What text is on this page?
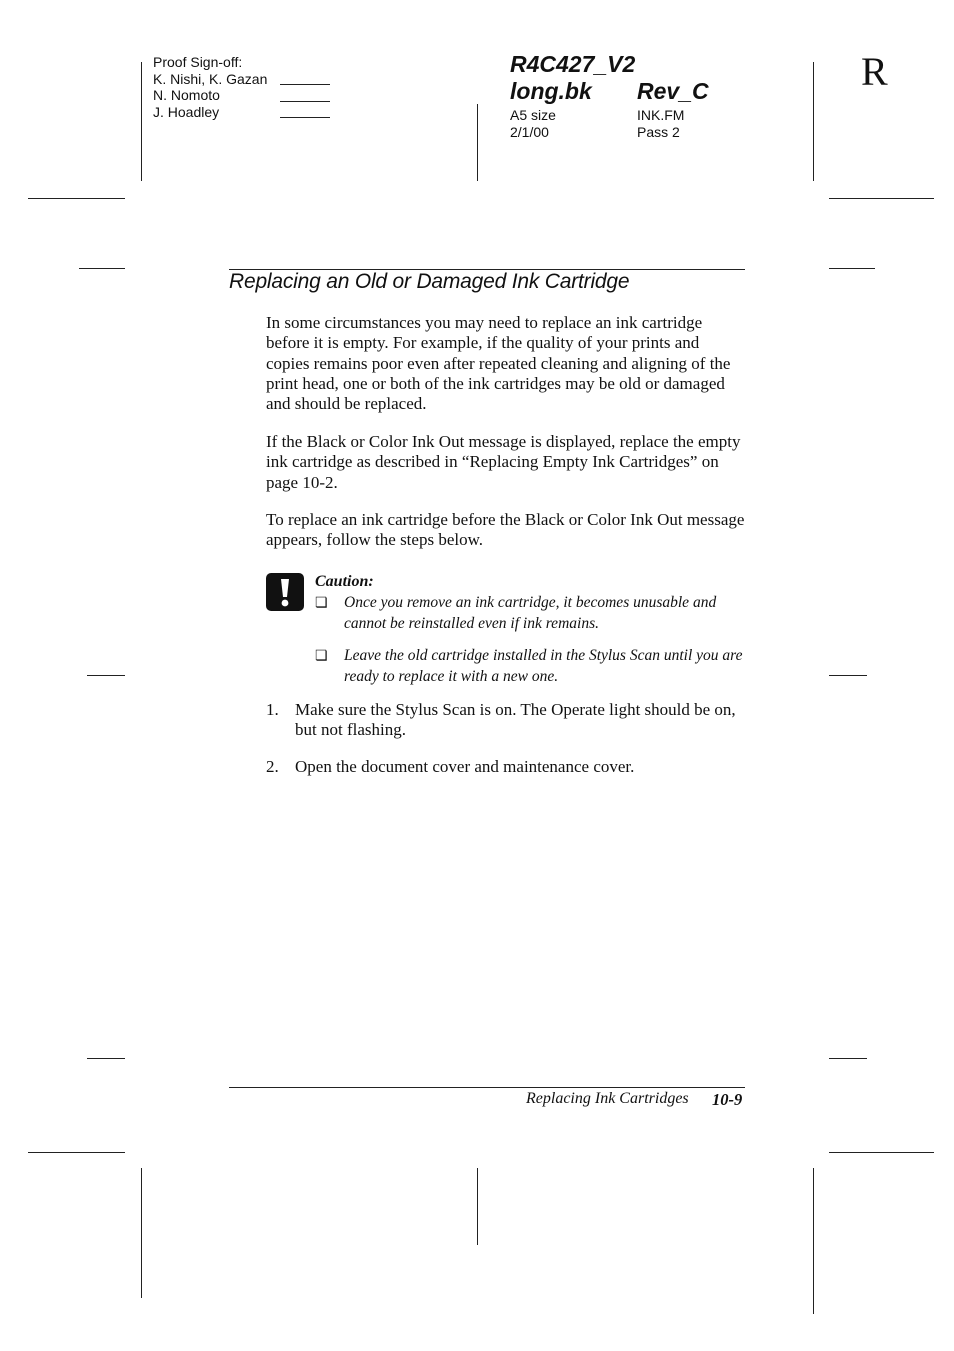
Proof Sign-off:
K. Nishi, K. Gazan
N. Nomoto
J. Hoadley
R4C427_V2
long.bk Rev_C
A5 size	INK.FM
2/1/00	Pass 2
R
Replacing an Old or Damaged Ink Cartridge
In some circumstances you may need to replace an ink cartridge before it is empty. For example, if the quality of your prints and copies remains poor even after repeated cleaning and aligning of the print head, one or both of the ink cartridges may be old or damaged and should be replaced.
If the Black or Color Ink Out message is displayed, replace the empty ink cartridge as described in “Replacing Empty Ink Cartridges” on page 10-2.
To replace an ink cartridge before the Black or Color Ink Out message appears, follow the steps below.
Caution:
❏ Once you remove an ink cartridge, it becomes unusable and cannot be reinstalled even if ink remains.
❏ Leave the old cartridge installed in the Stylus Scan until you are ready to replace it with a new one.
1. Make sure the Stylus Scan is on. The Operate light should be on, but not flashing.
2. Open the document cover and maintenance cover.
Replacing Ink Cartridges 10-9
